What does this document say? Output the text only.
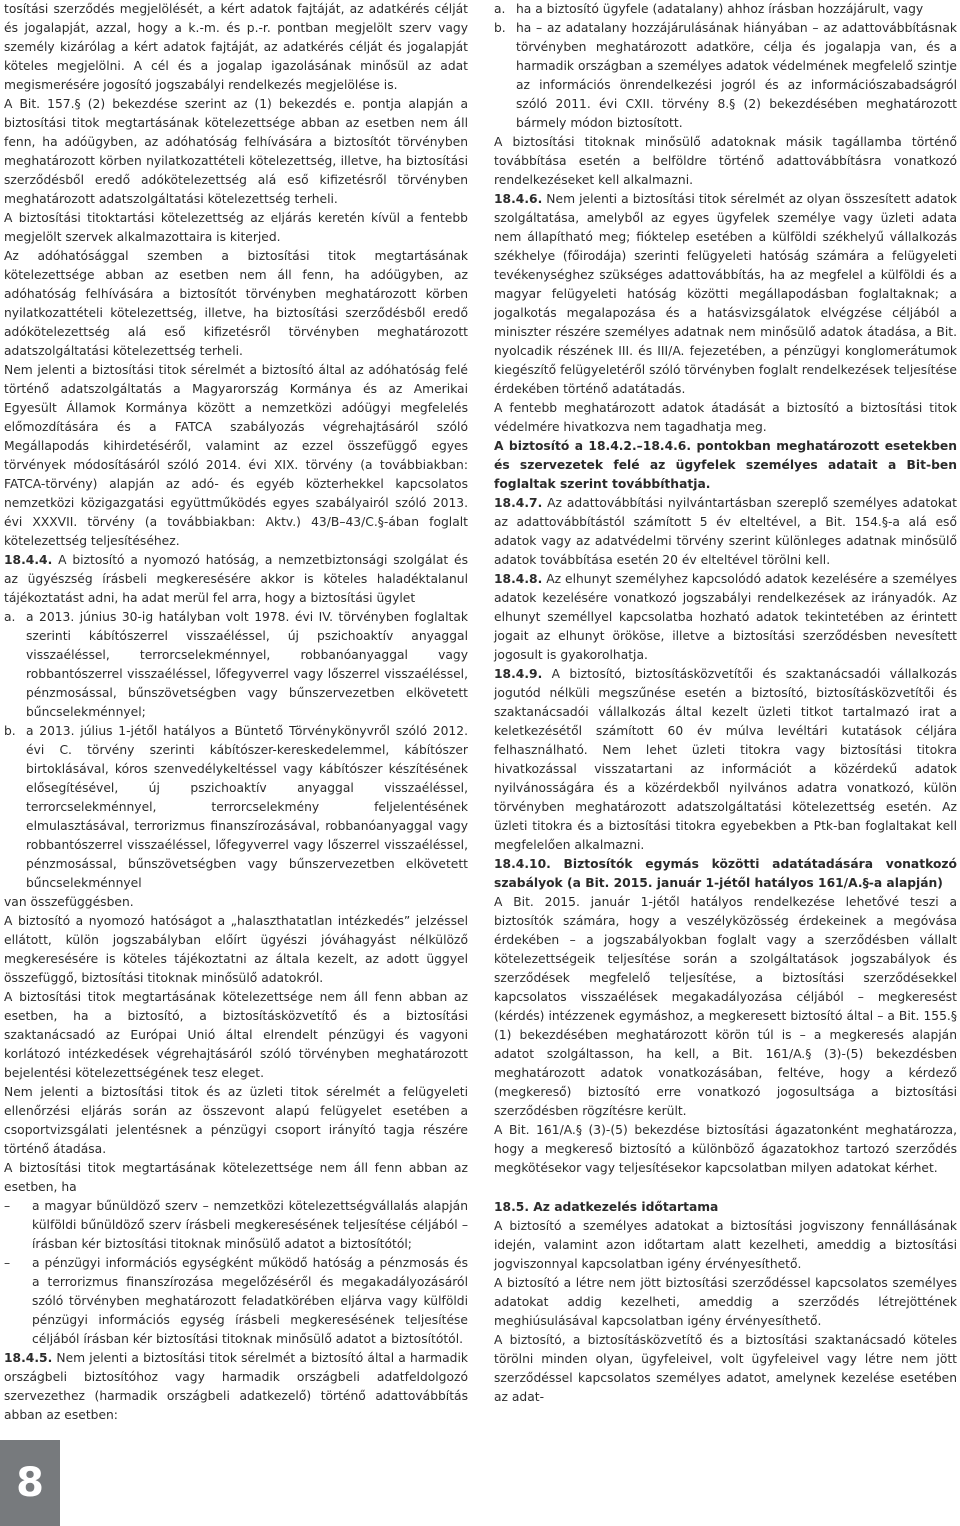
tosítási szerződés megjelölését, a kért adatok fajtáját, az adatkérés célját és jogalapját, azzal, hogy a k.-m. és p.-r. pontban megjelölt szerv vagy személy kizárólag a kért adatok fajtáját, az adatkérés célját és jogalapját köteles megjelölni. A cél és a jogalap igazolásának minősül az adat megismerésére jogosító jogszabályi rendelkezés megjelölése is.

A Bit. 157.§ (2) bekezdése szerint az (1) bekezdés e. pontja alapján a biztosítási titok megtartásának kötelezettsége abban az esetben nem áll fenn, ha adóügyben, az adóhatóság felhívására a biztosítót törvényben meghatározott körben nyilatkozattételi kötelezettség, illetve, ha biztosítási szerződésből eredő adókötelezettség alá eső kifizetésről törvényben meghatározott adatszolgáltatási kötelezettség terheli.

A biztosítási titoktartási kötelezettség az eljárás keretén kívül a fentebb megjelölt szervek alkalmazottaira is kiterjed.

Az adóhatósággal szemben a biztosítási titok megtartásának kötelezettsége abban az esetben nem áll fenn, ha adóügyben, az adóhatóság felhívására a biztosítót törvényben meghatározott körben nyilatkozattételi kötelezettség, illetve, ha biztosítási szerződésből eredő adókötelezettség alá eső kifizetésről törvényben meghatározott adatszolgáltatási kötelezettség terheli.

Nem jelenti a biztosítási titok sérelmét a biztosító által az adóhatóság felé történő adatszolgáltatás a Magyarország Kormánya és az Amerikai Egyesült Államok Kormánya között a nemzetközi adóügyi megfelelés előmozdítására és a FATCA szabályozás végrehajtásáról szóló Megállapodás kihirdetéséről, valamint az ezzel összefüggő egyes törvények módosításáról szóló 2014. évi XIX. törvény (a továbbiakban: FATCA-törvény) alapján az adó- és egyéb közterhekkel kapcsolatos nemzetközi közigazgatási együttműködés egyes szabályairól szóló 2013. évi XXXVII. törvény (a továbbiakban: Aktv.) 43/B–43/C.§-ában foglalt kötelezettség teljesítéséhez.

18.4.4. A biztosító a nyomozó hatóság, a nemzetbiztonsági szolgálat és az ügyészség írásbeli megkeresésére akkor is köteles haladéktalanul tájékoztatást adni, ha adat merül fel arra, hogy a biztosítási ügylet

a. a 2013. június 30-ig hatályban volt 1978. évi IV. törvényben foglaltak szerinti kábítószerrel visszaéléssel, új pszichoaktív anyaggal visszaéléssel, terrorcselekménnyel, robbanóanyaggal vagy robbantószerrel visszaéléssel, lőfegyverrel vagy lőszerrel visszaéléssel, pénzmosással, bűnszövetségben vagy bűnszervezetben elkövetett bűncselekménnyel;
b. a 2013. július 1-jétől hatályos a Büntető Törvénykönyvről szóló 2012. évi C. törvény szerinti kábítószer-kereskedelemmel, kábítószer birtoklásával, kóros szenvedélykeltéssel vagy kábítószer készítésének elősegítésével, új pszichoaktív anyaggal visszaéléssel, terrorcselekménnyel, terrorcselekmény feljelentésének elmulasztásával, terrorizmus finanszírozásával, robbanóanyaggal vagy robbantószerrel visszaéléssel, lőfegyverrel vagy lőszerrel visszaéléssel, pénzmosással, bűnszövetségben vagy bűnszervezetben elkövetett bűncselekménnyel

van összefüggésben.

A biztosító a nyomozó hatóságot a „halaszthatatlan intézkedés” jelzéssel ellátott, külön jogszabályban előírt ügyészi jóváhagyást nélkülöző megkeresésére is köteles tájékoztatni az általa kezelt, az adott üggyel összefüggő, biztosítási titoknak minősülő adatokról.

A biztosítási titok megtartásának kötelezettsége nem áll fenn abban az esetben, ha a biztosító, a biztosításközvetítő és a biztosítási szaktanácsadó az Európai Unió által elrendelt pénzügyi és vagyoni korlátozó intézkedések végrehajtásáról szóló törvényben meghatározott bejelentési kötelezettségének tesz eleget.

Nem jelenti a biztosítási titok és az üzleti titok sérelmét a felügyeleti ellenőrzési eljárás során az összevont alapú felügyelet esetében a csoportvizsgálati jelentésnek a pénzügyi csoport irányító tagja részére történő átadása.

A biztosítási titok megtartásának kötelezettsége nem áll fenn abban az esetben, ha

–	a magyar bűnüldöző szerv – nemzetközi kötelezettségvállalás alapján külföldi bűnüldöző szerv írásbeli megkeresésének teljesítése céljából – írásban kér biztosítási titoknak minősülő adatot a biztosítótól;
–	a pénzügyi információs egységként működő hatóság a pénzmosás és a terrorizmus finanszírozása megelőzéséről és megakadályozásáról szóló törvényben meghatározott feladatkörében eljárva vagy külföldi pénzügyi információs egység írásbeli megkeresésének teljesítése céljából írásban kér biztosítási titoknak minősülő adatot a biztosítótól.

18.4.5. Nem jelenti a biztosítási titok sérelmét a biztosító által a harmadik országbeli biztosítóhoz vagy harmadik országbeli adatfeldolgozó szervezethez (harmadik országbeli adatkezelő) történő adattovábbítás abban az esetben:

a. ha a biztosító ügyfele (adatalany) ahhoz írásban hozzájárult, vagy
b. ha – az adatalany hozzájárulásának hiányában – az adattovábbításnak törvényben meghatározott adatköre, célja és jogalapja van, és a harmadik országban a személyes adatok védelmének megfelelő szintje az információs önrendelkezési jogról és az információszabadságról szóló 2011. évi CXII. törvény 8.§ (2) bekezdésében meghatározott bármely módon biztosított.

A biztosítási titoknak minősülő adatoknak másik tagállamba történő továbbítása esetén a belföldre történő adattovábbításra vonatkozó rendelkezéseket kell alkalmazni.

18.4.6. Nem jelenti a biztosítási titok sérelmét az olyan összesített adatok szolgáltatása, amelyből az egyes ügyfelek személye vagy üzleti adata nem állapítható meg; fióktelep esetében a külföldi székhelyű vállalkozás székhelye (főirodája) szerinti felügyeleti hatóság számára a felügyeleti tevékenységhez szükséges adattovábbítás, ha az megfelel a külföldi és a magyar felügyeleti hatóság közötti megállapodásban foglaltaknak; a jogalkotás megalapozása és a hatásvizsgálatok elvégzése céljából a miniszter részére személyes adatnak nem minősülő adatok átadása, a Bit. nyolcadik részének III. és III/A. fejezetében, a pénzügyi konglomerátumok kiegészítő felügyeletéről szóló törvényben foglalt rendelkezések teljesítése érdekében történő adatátadás.

A fentebb meghatározott adatok átadását a biztosító a biztosítási titok védelmére hivatkozva nem tagadhatja meg.

A biztosító a 18.4.2.–18.4.6. pontokban meghatározott esetekben és szervezetek felé az ügyfelek személyes adatait a Bit-ben foglaltak szerint továbbíthatja.

18.4.7. Az adattovábbítási nyilvántartásban szereplő személyes adatokat az adattovábbítástól számított 5 év elteltével, a Bit. 154.§-a alá eső adatok vagy az adatvédelmi törvény szerint különleges adatnak minősülő adatok továbbítása esetén 20 év elteltével törölni kell.

18.4.8. Az elhunyt személyhez kapcsolódó adatok kezelésére a személyes adatok kezelésére vonatkozó jogszabályi rendelkezések az irányadók. Az elhunyt személlyel kapcsolatba hozható adatok tekintetében az érintett jogait az elhunyt örököse, illetve a biztosítási szerződésben nevesített jogosult is gyakorolhatja.

18.4.9. A biztosító, biztosításközvetítői és szaktanácsadói vállalkozás jogutód nélküli megszűnése esetén a biztosító, biztosításközvetítői és szaktanácsadói vállalkozás által kezelt üzleti titkot tartalmazó irat a keletkezésétől számított 60 év múlva levéltári kutatások céljára felhasználható. Nem lehet üzleti titokra vagy biztosítási titokra hivatkozással visszatartani az információt a közérdekű adatok nyilvánosságára és a közérdekből nyilvános adatra vonatkozó, külön törvényben meghatározott adatszolgáltatási kötelezettség esetén. Az üzleti titokra és a biztosítási titokra egyebekben a Ptk-ban foglaltakat kell megfelelően alkalmazni.

18.4.10. Biztosítók egymás közötti adatátadására vonatkozó szabályok (a Bit. 2015. január 1-jétől hatályos 161/A.§-a alapján)

A Bit. 2015. január 1-jétől hatályos rendelkezése lehetővé teszi a biztosítók számára, hogy a veszélyközösség érdekeinek a megóvása érdekében – a jogszabályokban foglalt vagy a szerződésben vállalt kötelezettségeik teljesítése során a szolgáltatások jogszabályok és szerződések megfelelő teljesítése, a biztosítási szerződésekkel kapcsolatos visszaélések megakadályozása céljából – megkeresést (kérdés) intézzenek egymáshoz, a megkeresett biztosító által – a Bit. 155.§ (1) bekezdésében meghatározott körön túl is – a megkeresés alapján adatot szolgáltasson, ha kell, a Bit. 161/A.§ (3)-(5) bekezdésben meghatározott adatok vonatkozásában, feltéve, hogy a kérdező (megkereső) biztosító erre vonatkozó jogosultsága a biztosítási szerződésben rögzítésre került.

A Bit. 161/A.§ (3)-(5) bekezdése biztosítási ágazatonként meghatározza, hogy a megkereső biztosító a különböző ágazatokhoz tartozó szerződés megkötésekor vagy teljesítésekor kapcsolatban milyen adatokat kérhet.

18.5. Az adatkezelés időtartama

A biztosító a személyes adatokat a biztosítási jogviszony fennállásának idején, valamint azon időtartam alatt kezelheti, ameddig a biztosítási jogviszonnyal kapcsolatban igény érvényesíthető.

A biztosító a létre nem jött biztosítási szerződéssel kapcsolatos személyes adatokat addig kezelheti, ameddig a szerződés létrejöttének meghiúsulásával kapcsolatban igény érvényesíthető.

A biztosító, a biztosításközvetítő és a biztosítási szaktanácsadó köteles törölni minden olyan, ügyfeleivel, volt ügyfeleivel vagy létre nem jött szerződéssel kapcsolatos személyes adatot, amelynek kezelése esetében az adat-

8
